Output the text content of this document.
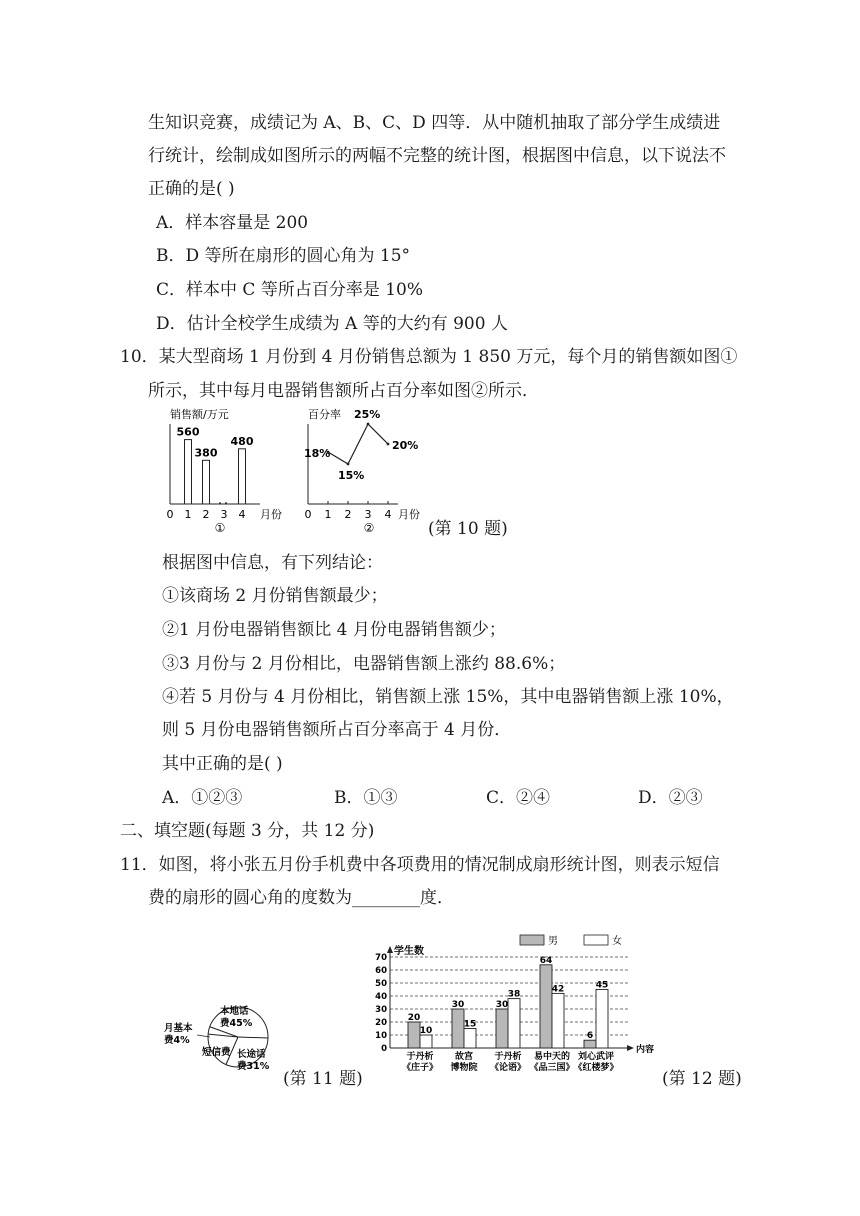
生知识竞赛，成绩记为 A、B、C、D 四等．从中随机抽取了部分学生成绩进
行统计，绘制成如图所示的两幅不完整的统计图，根据图中信息，以下说法不
正确的是( )
A．样本容量是 200
B．D 等所在扇形的圆心角为 15°
C．样本中 C 等所占百分率是 10%
D．估计全校学生成绩为 A 等的大约有 900 人
10．某大型商场 1 月份到 4 月份销售总额为 1 850 万元，每个月的销售额如图①
所示，其中每月电器销售额所占百分率如图②所示．
销售额/万元
0 1 2 3 4
560
380
480
月份
①
百分率
0 1 2 3 4
18%
15%
25%
20%
月份
②	(第 10 题)
根据图中信息，有下列结论：
①该商场 2 月份销售额最少；
②1 月份电器销售额比 4 月份电器销售额少；
③3 月份与 2 月份相比，电器销售额上涨约 88.6%；
④若 5 月份与 4 月份相比，销售额上涨 15%，其中电器销售额上涨 10%，
则 5 月份电器销售额所占百分率高于 4 月份．
其中正确的是( )
A．①②③	B．①③	C．②④	D．②③
二、填空题(每题 3 分，共 12 分)
11．如图，将小张五月份手机费中各项费用的情况制成扇形统计图，则表示短信
费的扇形的圆心角的度数为________度．
本地话
费45%
月基本
费4%
短信费 长途话
费31%
(第 11 题)
男	女
学生数
0
10
20
30
40
50
60
70
20
10
于丹析
《庄子》
30
15
故宫
博物院
30
38
于丹析
《论语》
64
42
易中天的
《品三国》
6
45
刘心武评
《红楼梦》
内容
(第 12 题)
